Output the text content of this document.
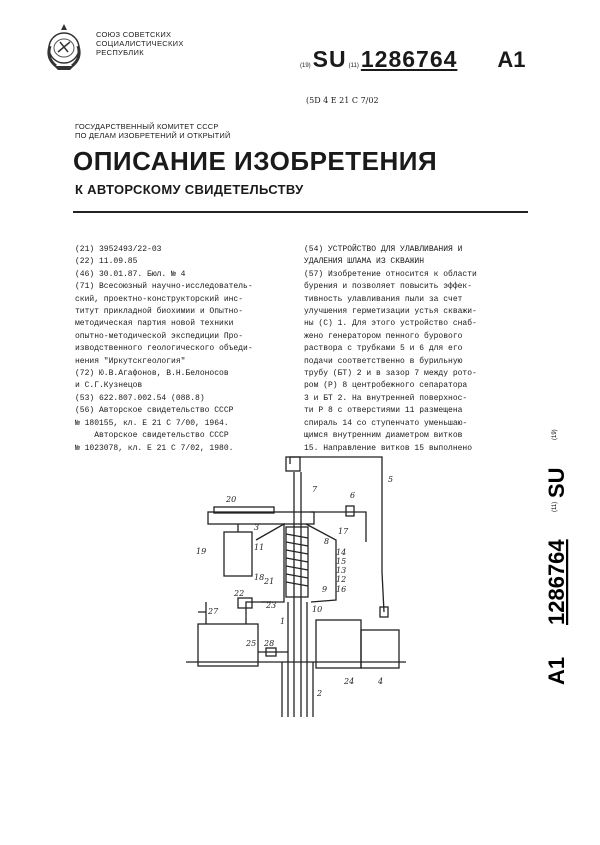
СОЮЗ СОВЕТСКИХ
СОЦИАЛИСТИЧЕСКИХ
РЕСПУБЛИК
(19) SU (11) 1286764 A1
(5D 4 E 21 C 7/02
ГОСУДАРСТВЕННЫЙ КОМИТЕТ СССР
ПО ДЕЛАМ ИЗОБРЕТЕНИЙ И ОТКРЫТИЙ
ОПИСАНИЕ ИЗОБРЕТЕНИЯ
К АВТОРСКОМУ СВИДЕТЕЛЬСТВУ
(21) 3952493/22-03
(22) 11.09.85
(46) 30.01.87. Бюл. № 4
(71) Всесоюзный научно-исследователь-
ский, проектно-конструкторский инс-
титут прикладной биохимии и Опытно-
методическая партия новой техники
опытно-методической экспедиции Про-
изводственного геологического объеди-
нения "Иркутскгеология"
(72) Ю.В.Агафонов, В.Н.Белоносов
и С.Г.Кузнецов
(53) 622.807.002.54 (088.8)
(56) Авторское свидетельство СССР
№ 180155, кл. E 21 C 7/00, 1964.
Авторское свидетельство СССР
№ 1023078, кл. E 21 C 7/02, 1980.
(54) УСТРОЙСТВО ДЛЯ УЛАВЛИВАНИЯ И
УДАЛЕНИЯ ШЛАМА ИЗ СКВАЖИН
(57) Изобретение относится к области
бурения и позволяет повысить эффек-
тивность улавливания пыли за счет
улучшения герметизации устья скважи-
ны (С) 1. Для этого устройство снаб-
жено генератором пенного бурового
раствора с трубками 5 и 6 для его
подачи соответственно в бурильную
трубу (БТ) 2 и в зазор 7 между рото-
ром (Р) 8 центробежного сепаратора
3 и БТ 2. На внутренней поверхнос-
ти Р 8 с отверстиями 11 размещена
спираль 14 со ступенчато уменьшаю-
щимся внутренним диаметром витков
15. Направление витков 15 выполнено
A1
1286764
(11)
SU
(19)
20
7
6
5
3	17
8
19	11
14
15
13
12
18 21
9 16
22
23	10
27
1
25 28
24	4
2
